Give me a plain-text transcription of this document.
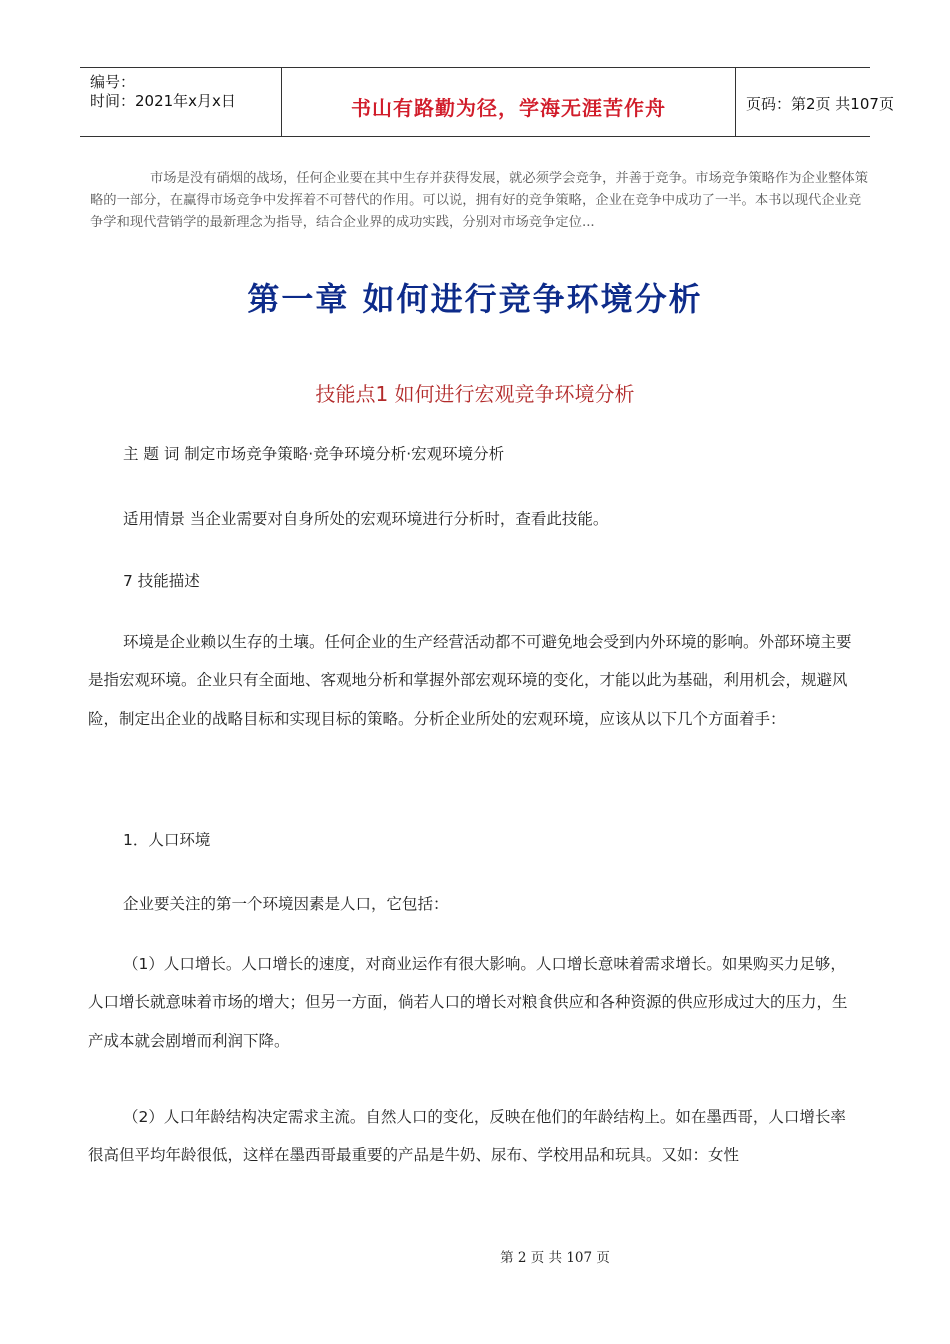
编号：
时间：2021年x月x日	书山有路勤为径，学海无涯苦作舟	页码：第2页 共107页
市场是没有硝烟的战场，任何企业要在其中生存并获得发展，就必须学会竞争，并善于竞争。市场竞争策略作为企业整体策略的一部分，在赢得市场竞争中发挥着不可替代的作用。可以说，拥有好的竞争策略，企业在竞争中成功了一半。本书以现代企业竞争学和现代营销学的最新理念为指导，结合企业界的成功实践，分别对市场竞争定位...
第一章 如何进行竞争环境分析
技能点1 如何进行宏观竞争环境分析
主 题 词 制定市场竞争策略·竞争环境分析·宏观环境分析
适用情景 当企业需要对自身所处的宏观环境进行分析时，查看此技能。
7 技能描述
环境是企业赖以生存的土壤。任何企业的生产经营活动都不可避免地会受到内外环境的影响。外部环境主要是指宏观环境。企业只有全面地、客观地分析和掌握外部宏观环境的变化，才能以此为基础，利用机会，规避风险，制定出企业的战略目标和实现目标的策略。分析企业所处的宏观环境，应该从以下几个方面着手：
1．人口环境
企业要关注的第一个环境因素是人口，它包括：
（1）人口增长。人口增长的速度，对商业运作有很大影响。人口增长意味着需求增长。如果购买力足够，人口增长就意味着市场的增大；但另一方面，倘若人口的增长对粮食供应和各种资源的供应形成过大的压力，生产成本就会剧增而利润下降。
（2）人口年龄结构决定需求主流。自然人口的变化，反映在他们的年龄结构上。如在墨西哥，人口增长率很高但平均年龄很低，这样在墨西哥最重要的产品是牛奶、尿布、学校用品和玩具。又如：女性
第 2 页 共 107 页
